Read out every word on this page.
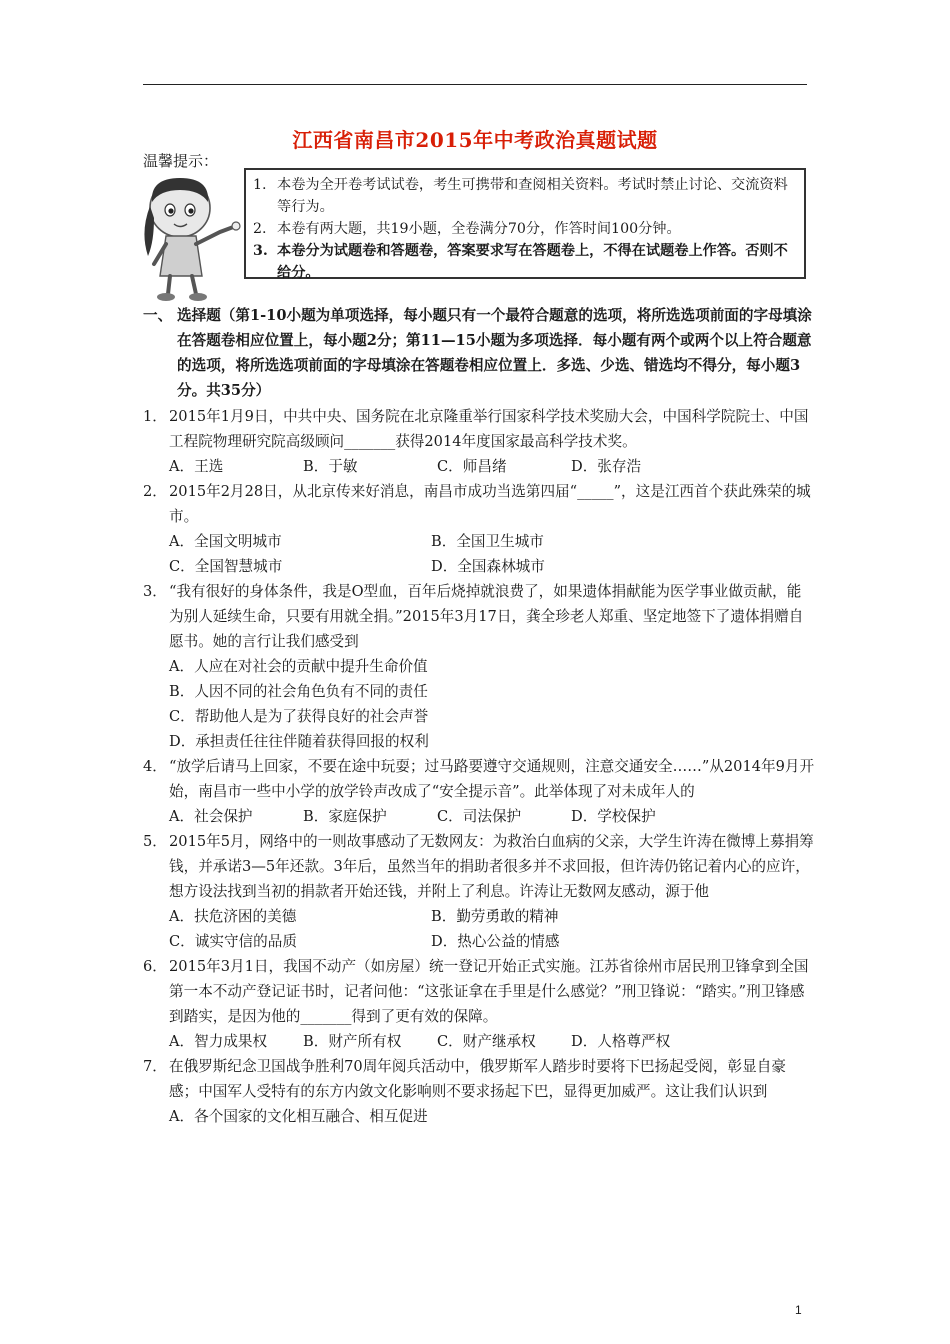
江西省南昌市2015年中考政治真题试题
温馨提示：
1. 本卷为全开卷考试试卷，考生可携带和查阅相关资料。考试时禁止讨论、交流资料等行为。
2. 本卷有两大题，共19小题，全卷满分70分，作答时间100分钟。
3. 本卷分为试题卷和答题卷，答案要求写在答题卷上，不得在试题卷上作答。否则不给分。
一、 选择题（第1-10小题为单项选择，每小题只有一个最符合题意的选项，将所选选项前面的字母填涂在答题卷相应位置上，每小题2分；第11—15小题为多项选择．每小题有两个或两个以上符合题意的选项，将所选选项前面的字母填涂在答题卷相应位置上．多选、少选、错选均不得分，每小题3分。共35分）
1． 2015年1月9日，中共中央、国务院在北京隆重举行国家科学技术奖励大会，中国科学院院士、中国工程院物理研究院高级顾问_______获得2014年度国家最高科学技术奖。
A．王选	B．于敏	C．师昌绪	D．张存浩
2． 2015年2月28日，从北京传来好消息，南昌市成功当选第四届“_____”，这是江西首个获此殊荣的城市。
A．全国文明城市	B．全国卫生城市
C．全国智慧城市	D．全国森林城市
3． “我有很好的身体条件，我是O型血，百年后烧掉就浪费了，如果遗体捐献能为医学事业做贡献，能为别人延续生命，只要有用就全捐。”2015年3月17日，龚全珍老人郑重、坚定地签下了遗体捐赠自愿书。她的言行让我们感受到
A．人应在对社会的贡献中提升生命价值
B．人因不同的社会角色负有不同的责任
C．帮助他人是为了获得良好的社会声誉
D．承担责任往往伴随着获得回报的权利
4． “放学后请马上回家，不要在途中玩耍；过马路要遵守交通规则，注意交通安全……”从2014年9月开始，南昌市一些中小学的放学铃声改成了“安全提示音”。此举体现了对未成年人的
A．社会保护	B．家庭保护	C．司法保护	D．学校保护
5． 2015年5月，网络中的一则故事感动了无数网友：为救治白血病的父亲，大学生许涛在微博上募捐筹钱，并承诺3—5年还款。3年后，虽然当年的捐助者很多并不求回报，但许涛仍铭记着内心的应许，想方设法找到当初的捐款者开始还钱，并附上了利息。许涛让无数网友感动，源于他
A．扶危济困的美德	B．勤劳勇敢的精神
C．诚实守信的品质	D．热心公益的情感
6． 2015年3月1日，我国不动产（如房屋）统一登记开始正式实施。江苏省徐州市居民刑卫锋拿到全国第一本不动产登记证书时，记者问他：“这张证拿在手里是什么感觉？”刑卫锋说：“踏实。”刑卫锋感到踏实，是因为他的_______得到了更有效的保障。
A．智力成果权	B．财产所有权	C．财产继承权	D．人格尊严权
7． 在俄罗斯纪念卫国战争胜利70周年阅兵活动中，俄罗斯军人踏步时要将下巴扬起受阅，彰显自豪感；中国军人受特有的东方内敛文化影响则不要求扬起下巴，显得更加威严。这让我们认识到
A．各个国家的文化相互融合、相互促进
1
